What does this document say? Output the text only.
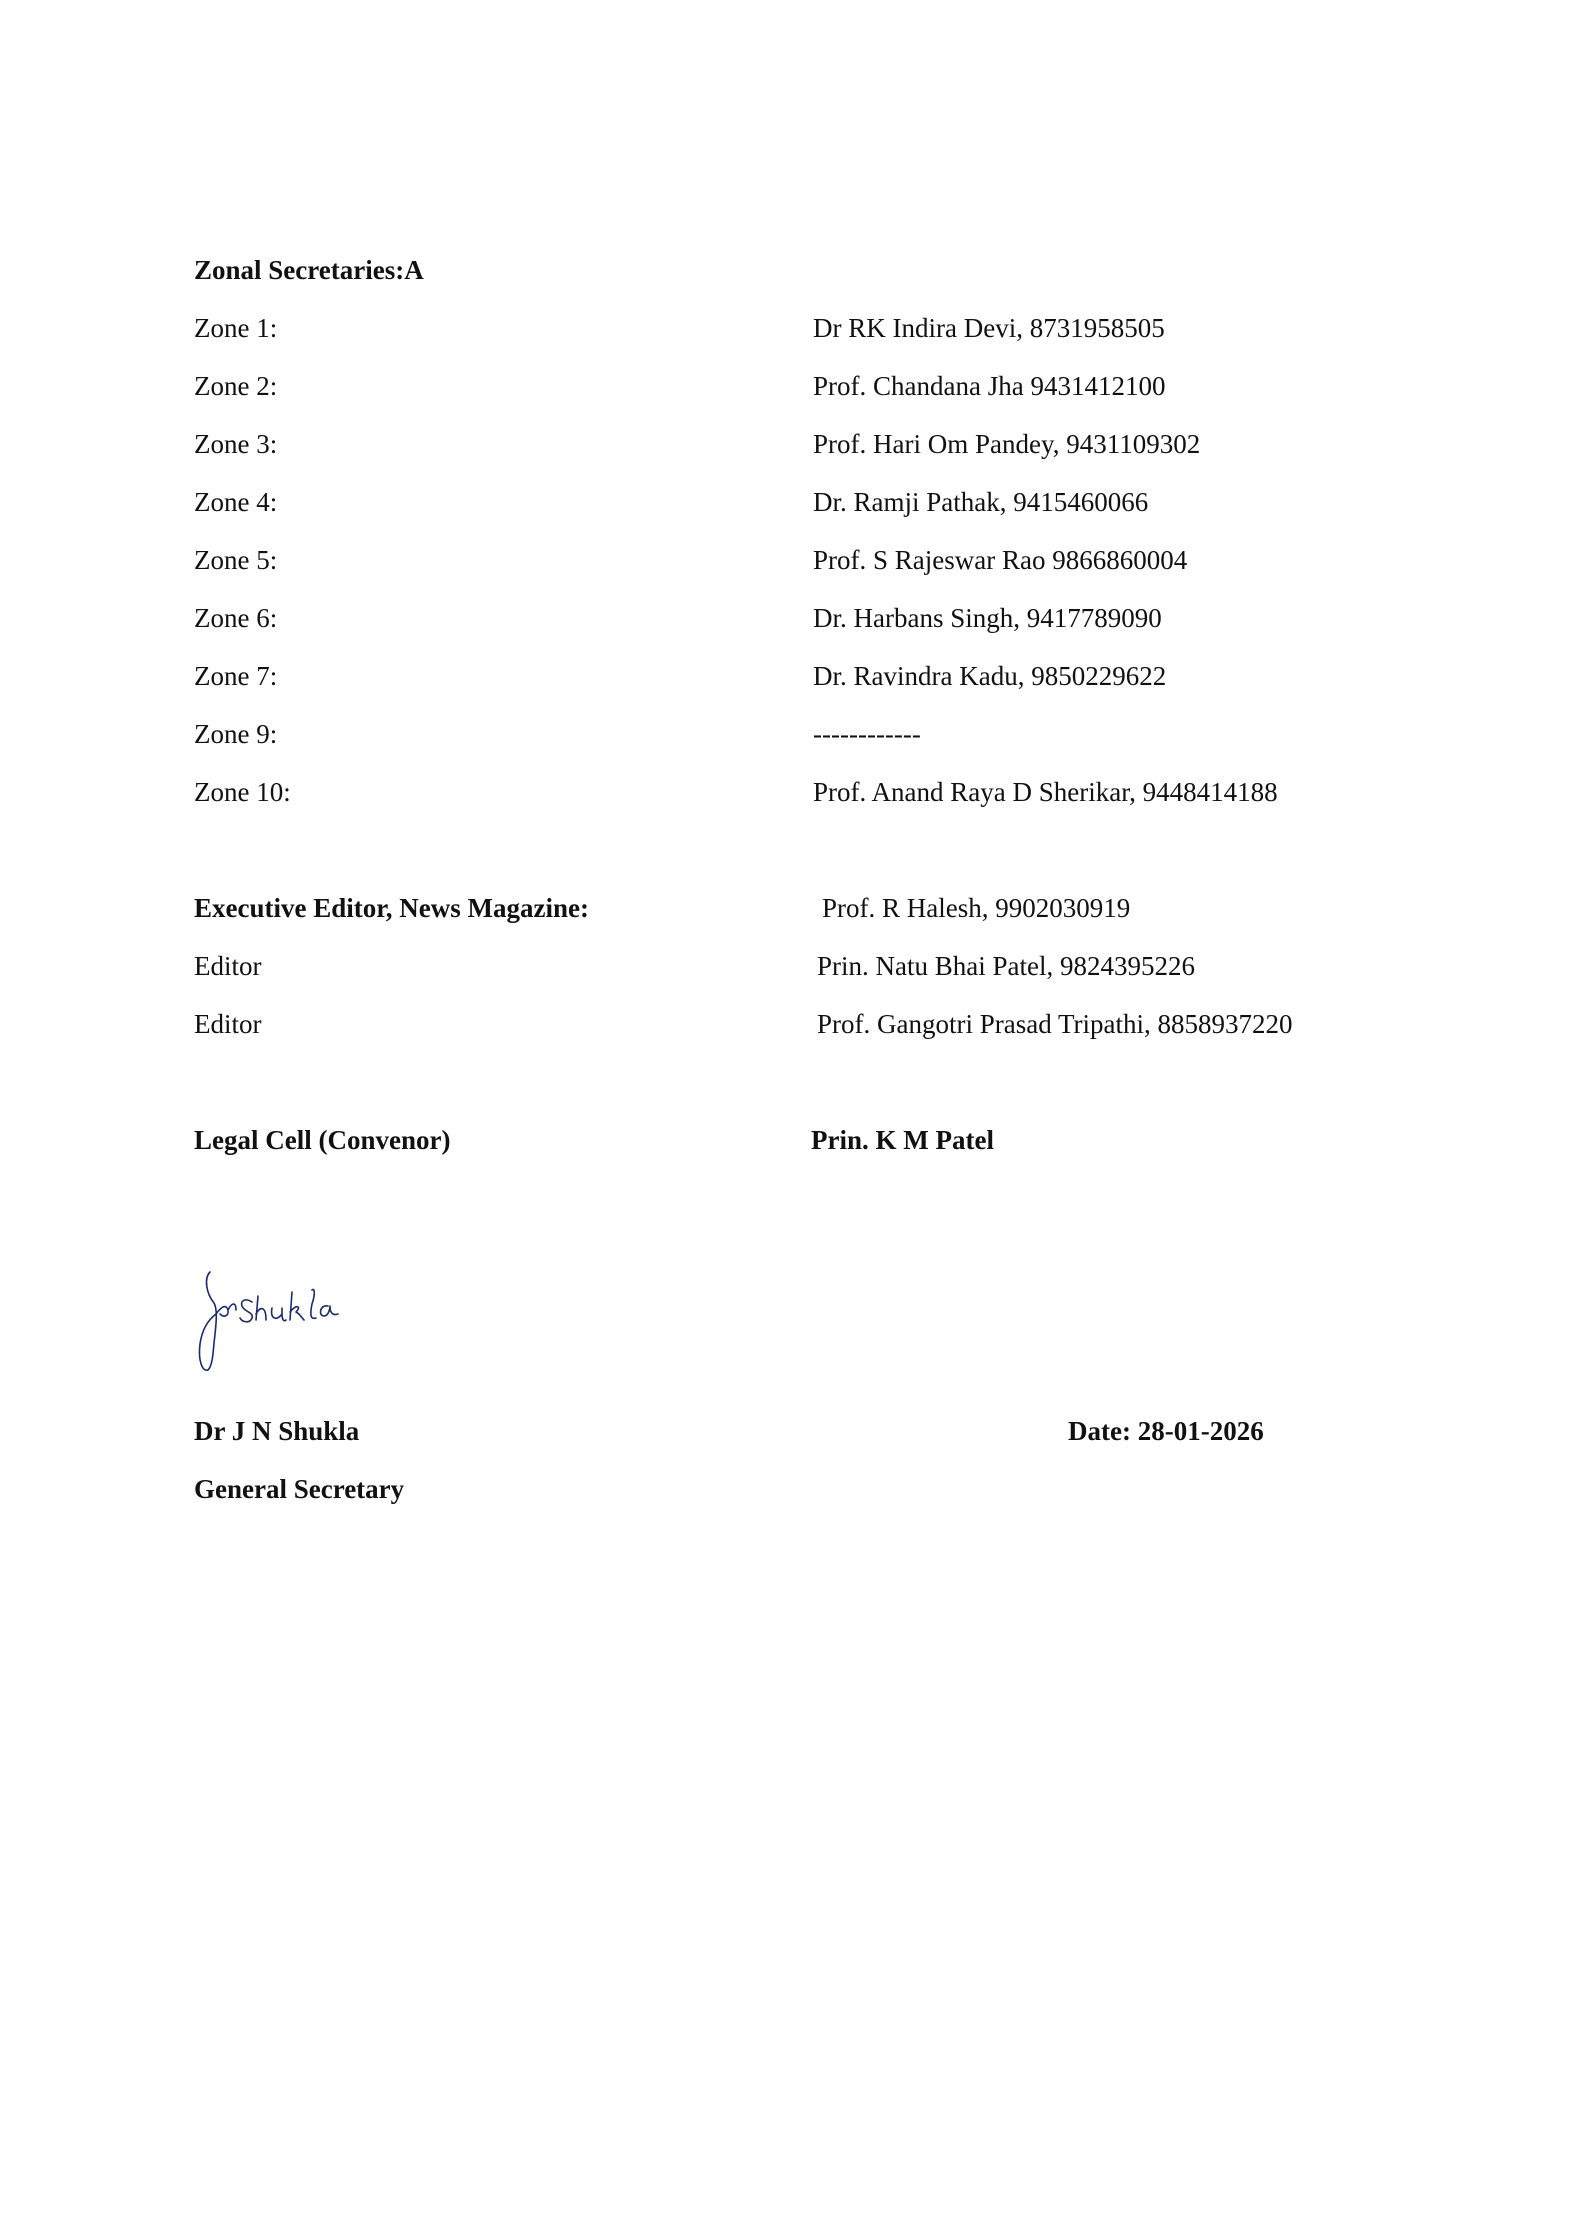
Zonal Secretaries:A
Zone 1:	Dr RK Indira Devi, 8731958505
Zone 2:	Prof. Chandana Jha 9431412100
Zone 3:	Prof. Hari Om Pandey, 9431109302
Zone 4:	Dr. Ramji Pathak, 9415460066
Zone 5:	Prof. S Rajeswar Rao 9866860004
Zone 6:	Dr. Harbans Singh, 9417789090
Zone 7:	Dr. Ravindra Kadu, 9850229622
Zone 9:	------------
Zone 10:	Prof. Anand Raya D Sherikar, 9448414188
Executive Editor, News Magazine:	Prof. R Halesh, 9902030919
Editor	Prin. Natu Bhai Patel, 9824395226
Editor	Prof. Gangotri Prasad Tripathi, 8858937220
Legal Cell (Convenor)	Prin. K M Patel
Dr J N Shukla	Date: 28-01-2026
General Secretary
